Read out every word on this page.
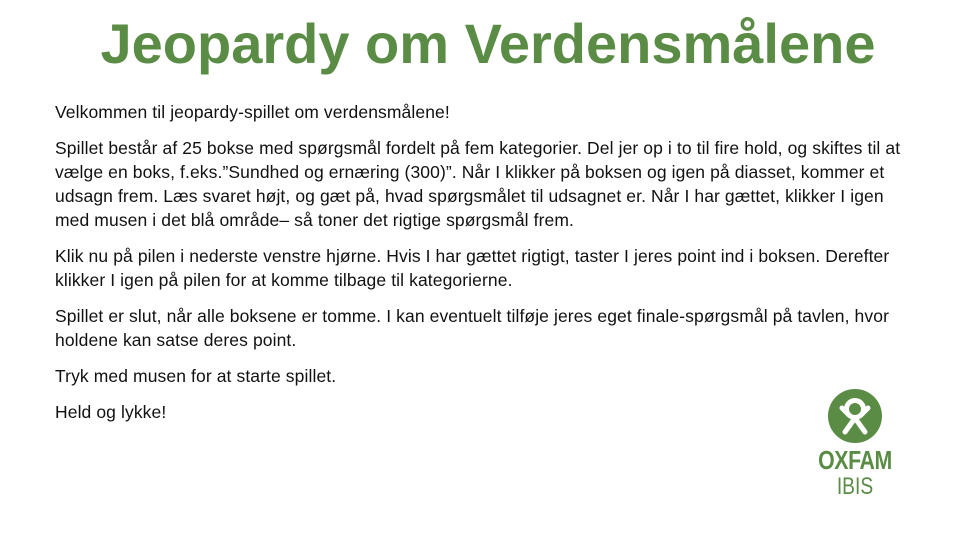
Jeopardy om Verdensmålene

Velkommen til jeopardy-spillet om verdensmålene!

Spillet består af 25 bokse med spørgsmål fordelt på fem kategorier. Del jer op i to til fire hold, og skiftes til at vælge en boks, f.eks.”Sundhed og ernæring (300)”. Når I klikker på boksen og igen på diasset, kommer et udsagn frem. Læs svaret højt, og gæt på, hvad spørgsmålet til udsagnet er. Når I har gættet, klikker I igen med musen i det blå område– så toner det rigtige spørgsmål frem.

Klik nu på pilen i nederste venstre hjørne. Hvis I har gættet rigtigt, taster I jeres point ind i boksen. Derefter klikker I igen på pilen for at komme tilbage til kategorierne.

Spillet er slut, når alle boksene er tomme. I kan eventuelt tilføje jeres eget finale-spørgsmål på tavlen, hvor holdene kan satse deres point.

Tryk med musen for at starte spillet.

Held og lykke!

OXFAM
IBIS
